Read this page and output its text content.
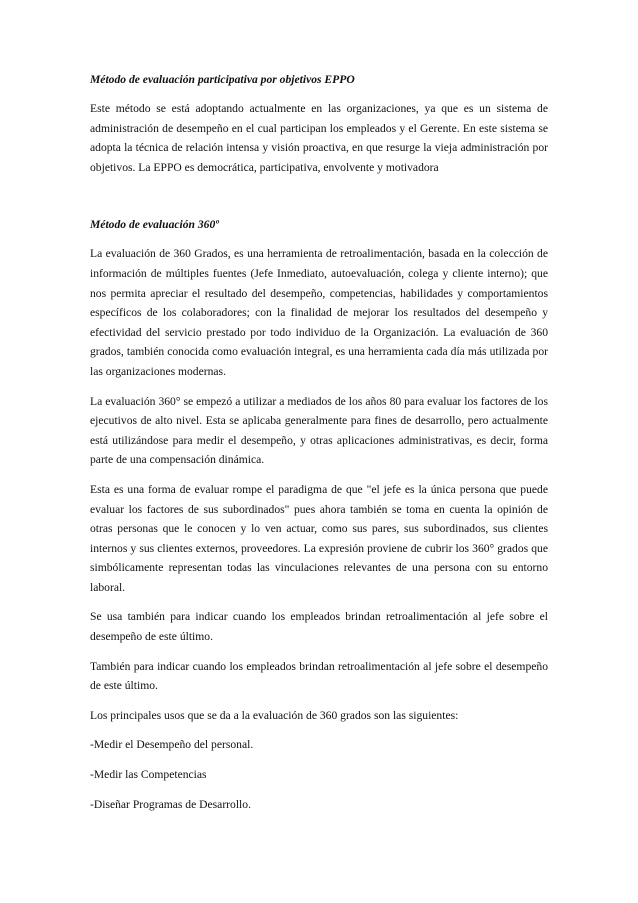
Método de evaluación participativa por objetivos EPPO

Este método se está adoptando actualmente en las organizaciones, ya que es un sistema de administración de desempeño en el cual participan los empleados y el Gerente. En este sistema se adopta la técnica de relación intensa y visión proactiva, en que resurge la vieja administración por objetivos. La EPPO es democrática, participativa, envolvente y motivadora

Método de evaluación 360º

La evaluación de 360 Grados, es una herramienta de retroalimentación, basada en la colección de información de múltiples fuentes (Jefe Inmediato, autoevaluación, colega y cliente interno); que nos permita apreciar el resultado del desempeño, competencias, habilidades y comportamientos específicos de los colaboradores; con la finalidad de mejorar los resultados del desempeño y efectividad del servicio prestado por todo individuo de la Organización. La evaluación de 360 grados, también conocida como evaluación integral, es una herramienta cada día más utilizada por las organizaciones modernas.

La evaluación 360° se empezó a utilizar a mediados de los años 80 para evaluar los factores de los ejecutivos de alto nivel. Esta se aplicaba generalmente para fines de desarrollo, pero actualmente está utilizándose para medir el desempeño, y otras aplicaciones administrativas, es decir, forma parte de una compensación dinámica.

Esta es una forma de evaluar rompe el paradigma de que "el jefe es la única persona que puede evaluar los factores de sus subordinados" pues ahora también se toma en cuenta la opinión de otras personas que le conocen y lo ven actuar, como sus pares, sus subordinados, sus clientes internos y sus clientes externos, proveedores. La expresión proviene de cubrir los 360° grados que simbólicamente representan todas las vinculaciones relevantes de una persona con su entorno laboral.

Se usa también para indicar cuando los empleados brindan retroalimentación al jefe sobre el desempeño de este último.

También para indicar cuando los empleados brindan retroalimentación al jefe sobre el desempeño de este último.

Los principales usos que se da a la evaluación de 360 grados son las siguientes:

-Medir el Desempeño del personal.

-Medir las Competencias

-Diseñar Programas de Desarrollo.
